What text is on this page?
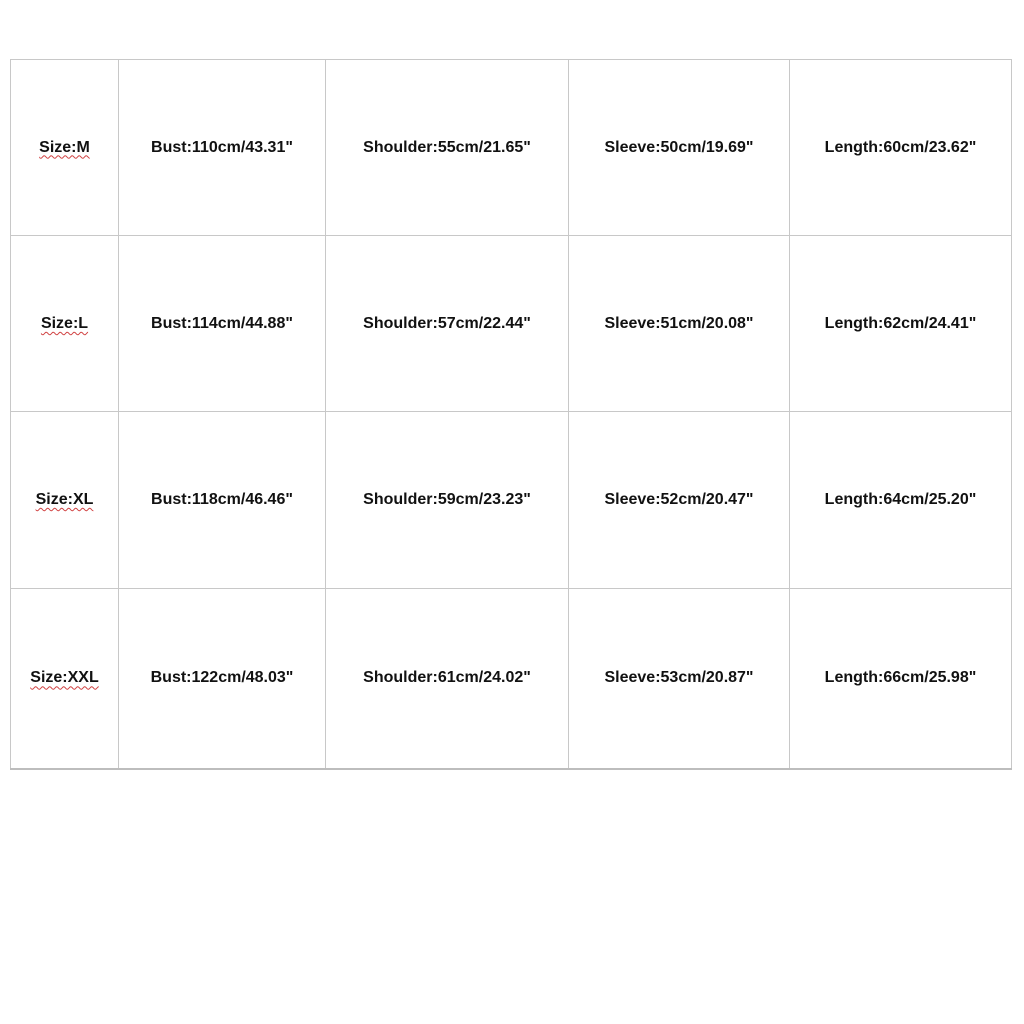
Size:M	Bust:110cm/43.31"	Shoulder:55cm/21.65"	Sleeve:50cm/19.69"	Length:60cm/23.62"
Size:L	Bust:114cm/44.88"	Shoulder:57cm/22.44"	Sleeve:51cm/20.08"	Length:62cm/24.41"
Size:XL	Bust:118cm/46.46"	Shoulder:59cm/23.23"	Sleeve:52cm/20.47"	Length:64cm/25.20"
Size:XXL	Bust:122cm/48.03"	Shoulder:61cm/24.02"	Sleeve:53cm/20.87"	Length:66cm/25.98"
